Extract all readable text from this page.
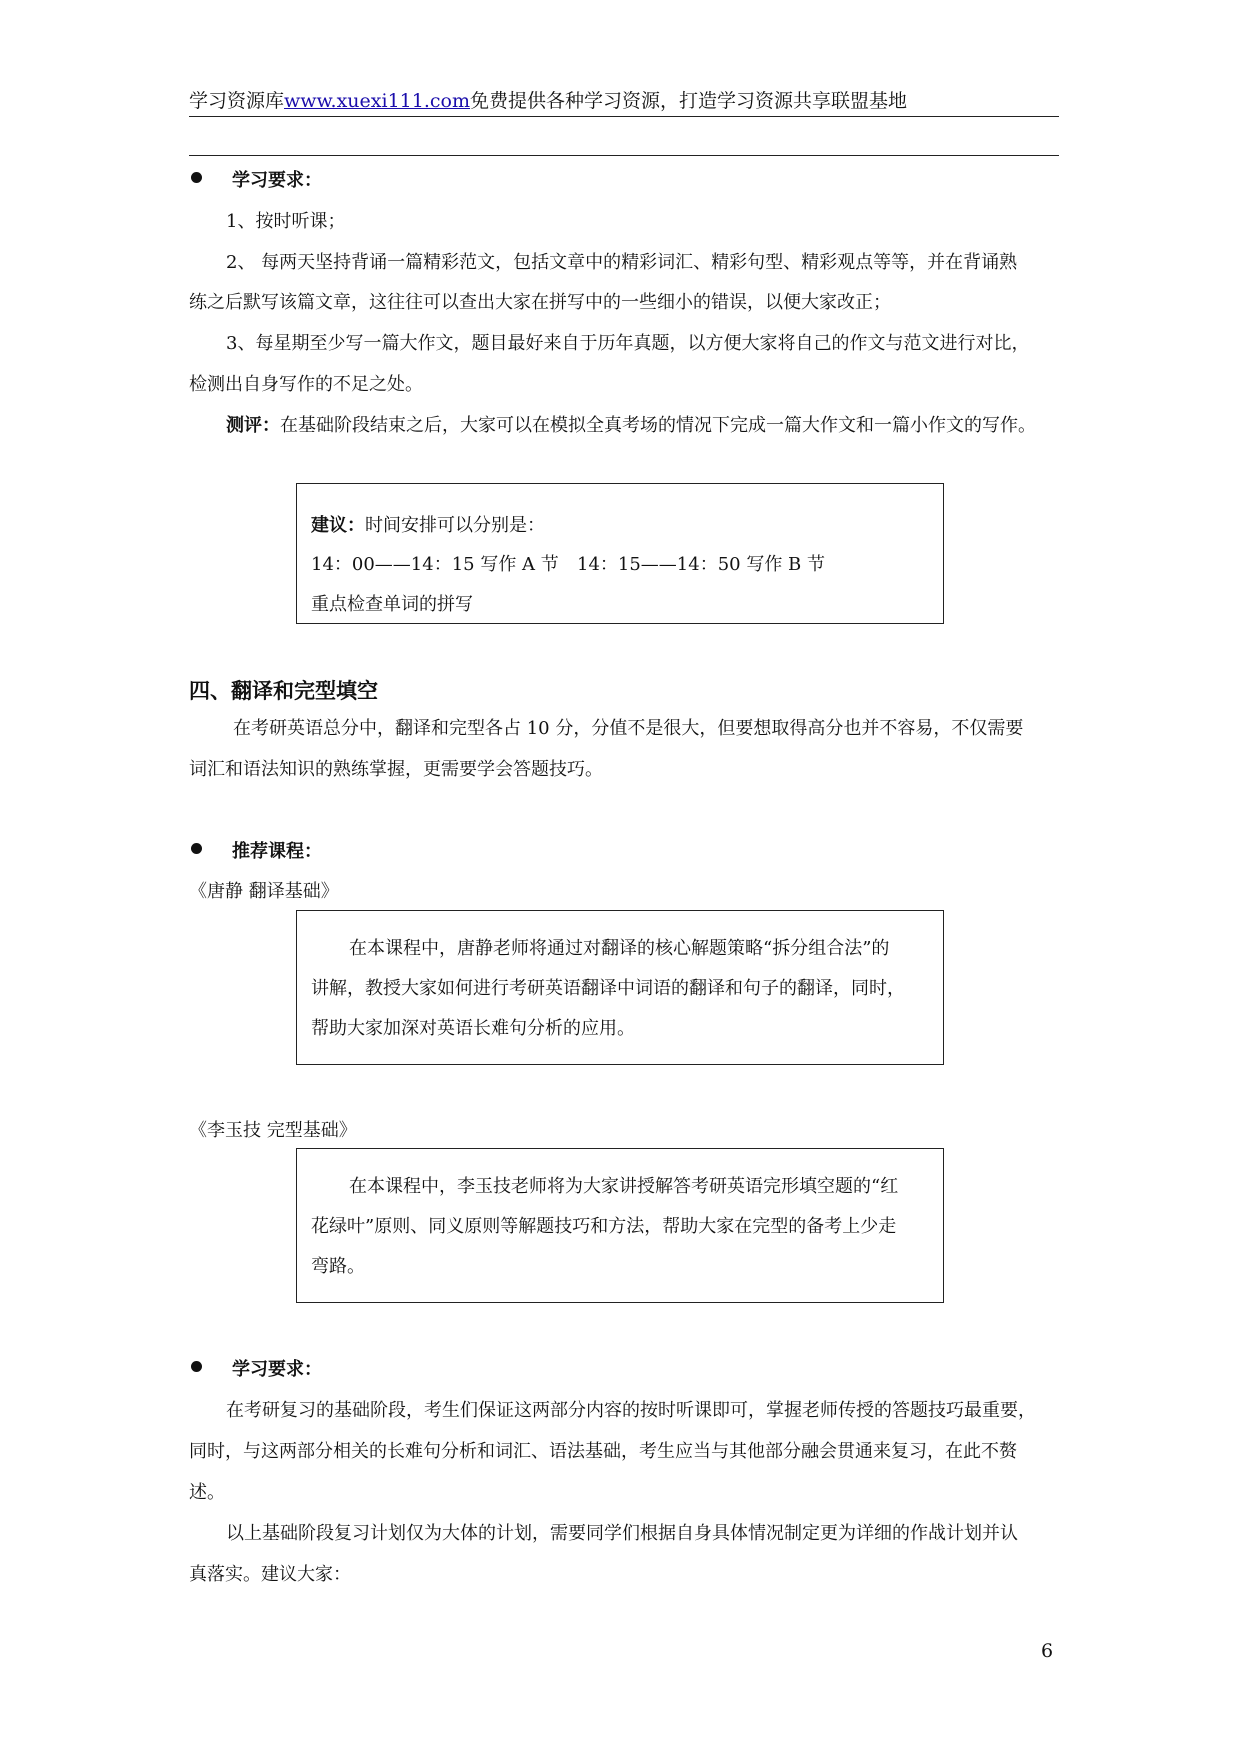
学习资源库www.xuexi111.com免费提供各种学习资源，打造学习资源共享联盟基地
学习要求：
1、按时听课；
2、 每两天坚持背诵一篇精彩范文，包括文章中的精彩词汇、精彩句型、精彩观点等等，并在背诵熟
练之后默写该篇文章，这往往可以查出大家在拼写中的一些细小的错误，以便大家改正；
3、每星期至少写一篇大作文，题目最好来自于历年真题，以方便大家将自己的作文与范文进行对比，
检测出自身写作的不足之处。
测评：在基础阶段结束之后，大家可以在模拟全真考场的情况下完成一篇大作文和一篇小作文的写作。

建议：时间安排可以分别是：

14：00——14：15 写作 A 节 14：15——14：50 写作 B 节

重点检查单词的拼写

四、翻译和完型填空
在考研英语总分中，翻译和完型各占 10 分，分值不是很大，但要想取得高分也并不容易，不仅需要
词汇和语法知识的熟练掌握，更需要学会答题技巧。
推荐课程：
《唐静 翻译基础》

在本课程中，唐静老师将通过对翻译的核心解题策略“拆分组合法”的

讲解，教授大家如何进行考研英语翻译中词语的翻译和句子的翻译，同时，

帮助大家加深对英语长难句分析的应用。

《李玉技 完型基础》

在本课程中，李玉技老师将为大家讲授解答考研英语完形填空题的“红

花绿叶”原则、同义原则等解题技巧和方法，帮助大家在完型的备考上少走

弯路。

学习要求：
在考研复习的基础阶段，考生们保证这两部分内容的按时听课即可，掌握老师传授的答题技巧最重要，
同时，与这两部分相关的长难句分析和词汇、语法基础，考生应当与其他部分融会贯通来复习，在此不赘
述。
以上基础阶段复习计划仅为大体的计划，需要同学们根据自身具体情况制定更为详细的作战计划并认
真落实。建议大家：
6
